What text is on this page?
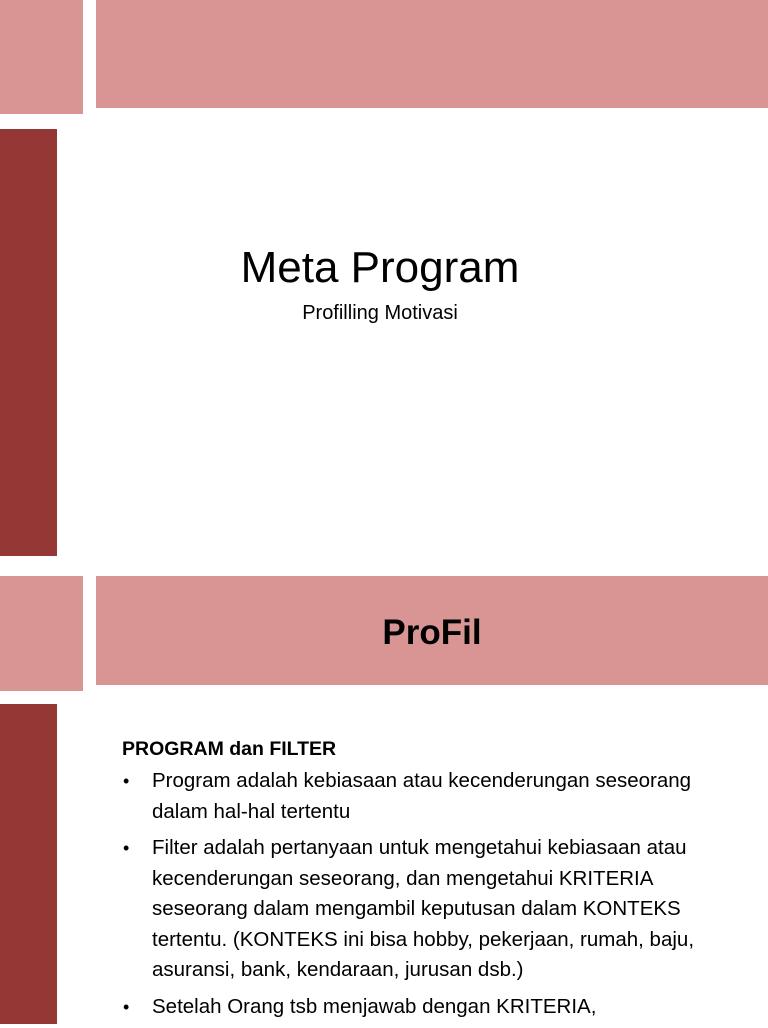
Meta Program

Profilling Motivasi

ProFil

PROGRAM dan FILTER

• Program adalah kebiasaan atau kecenderungan seseorang dalam hal-hal tertentu
• Filter adalah pertanyaan untuk mengetahui kebiasaan atau kecenderungan seseorang, dan mengetahui KRITERIA seseorang dalam mengambil keputusan dalam KONTEKS tertentu. (KONTEKS ini bisa hobby, pekerjaan, rumah, baju, asuransi, bank, kendaraan, jurusan dsb.)
• Setelah Orang tsb menjawab dengan KRITERIA,
